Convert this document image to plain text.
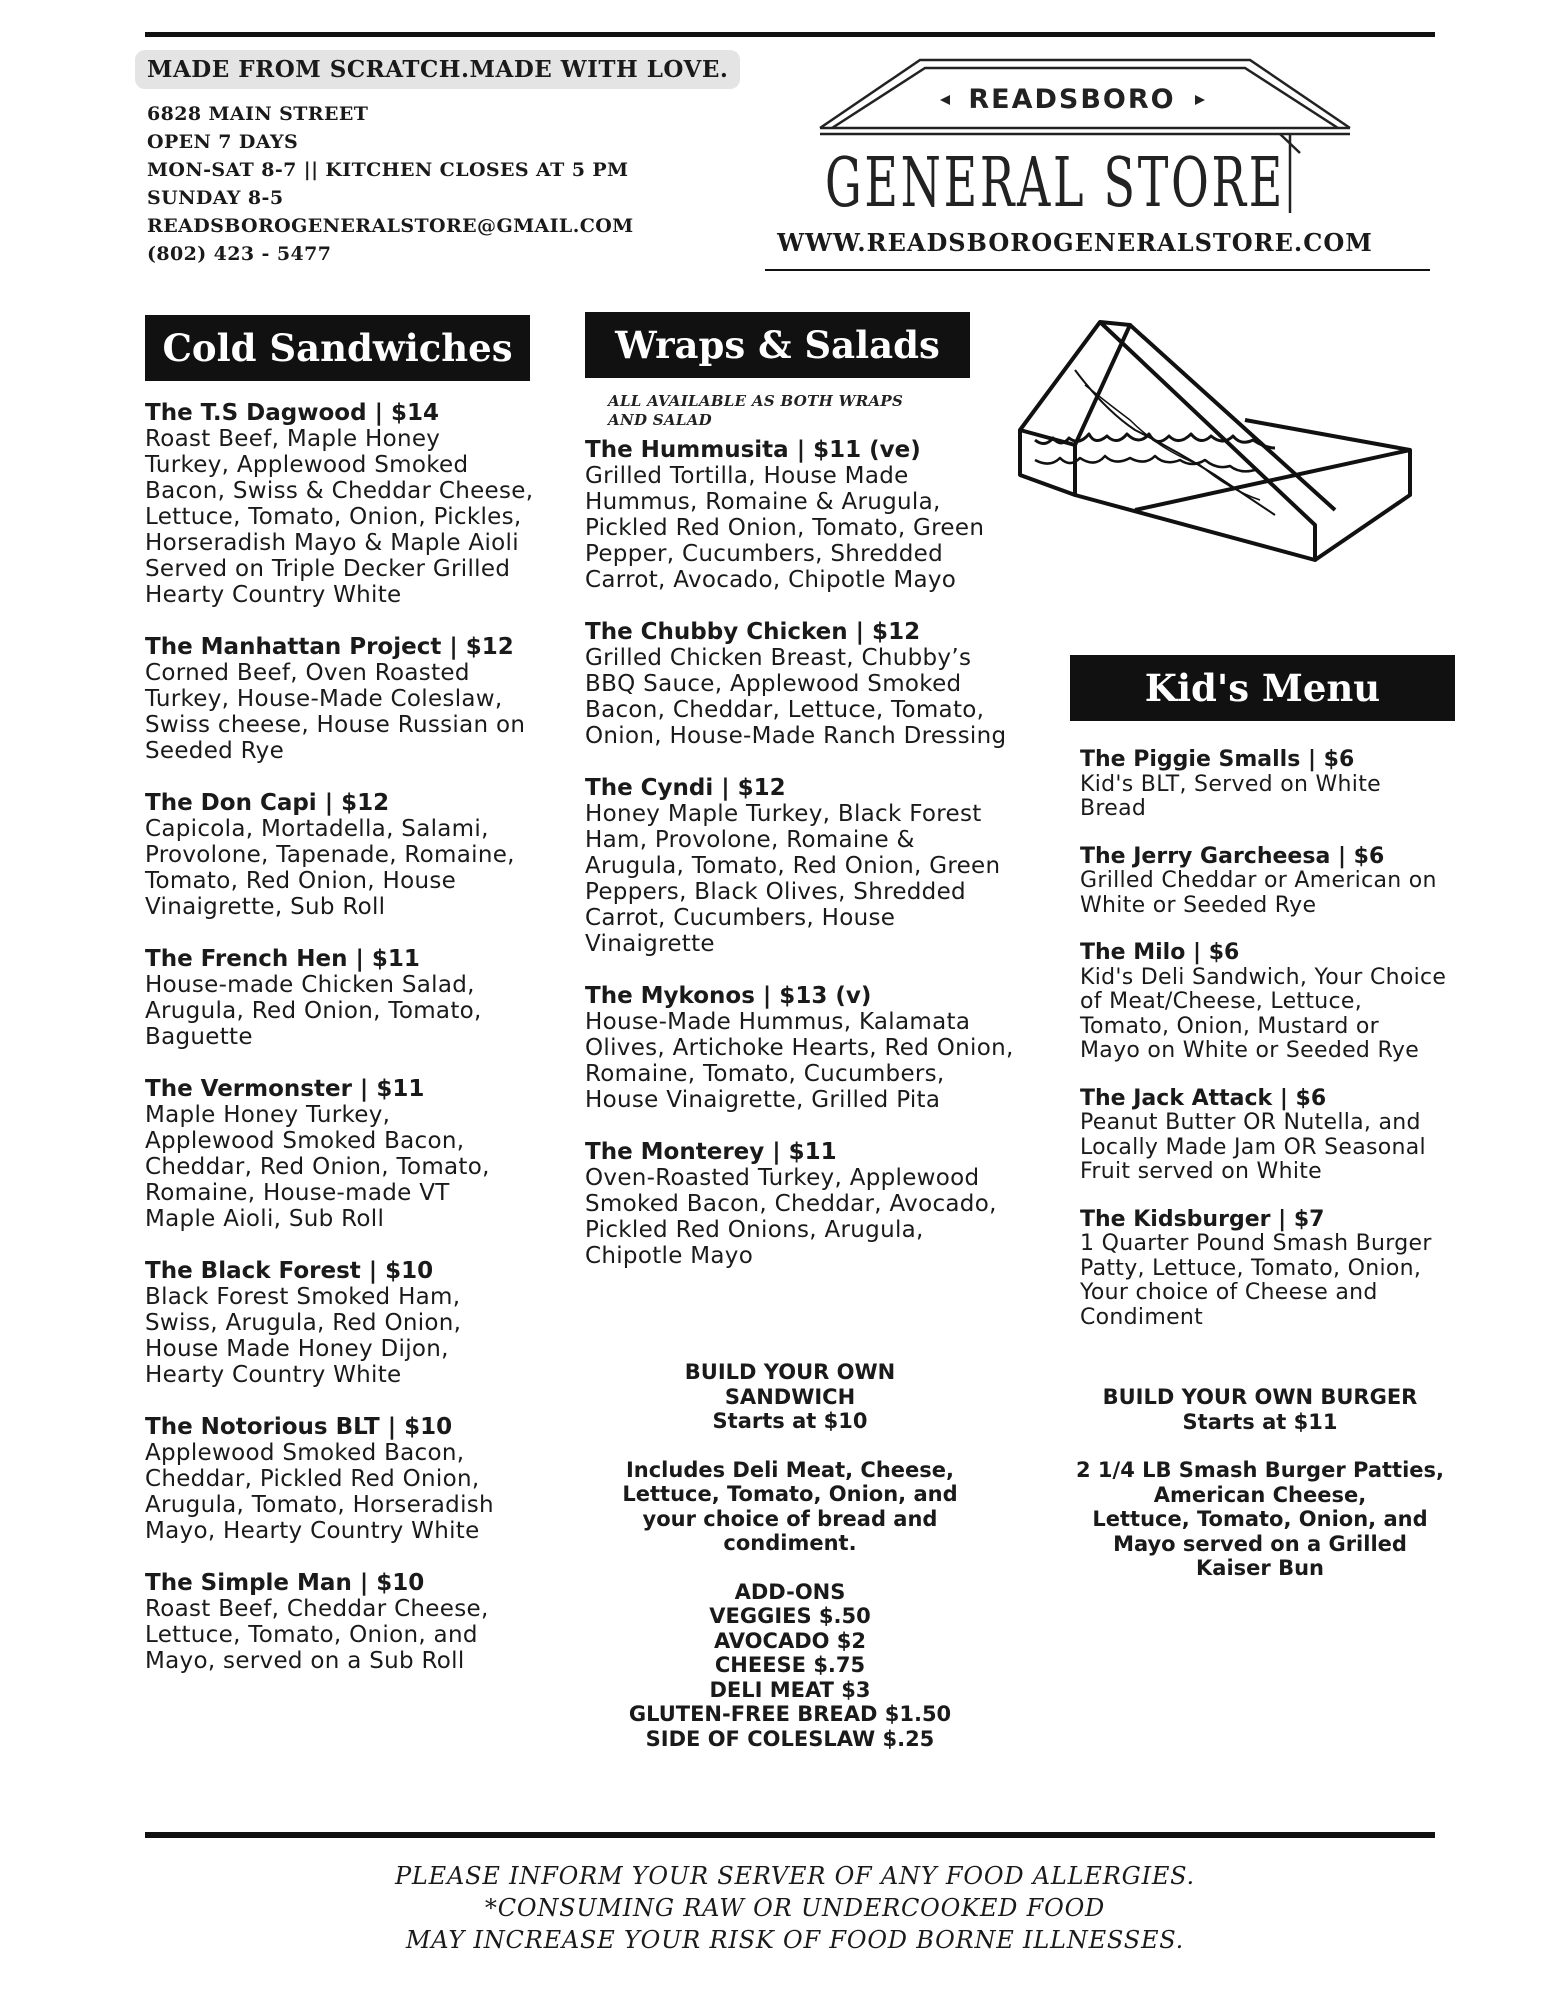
MADE FROM SCRATCH.MADE WITH LOVE.
6828 MAIN STREET
OPEN 7 DAYS
MON-SAT 8-7 || KITCHEN CLOSES AT 5 PM
SUNDAY 8-5
READSBOROGENERALSTORE@GMAIL.COM
(802) 423 - 5477
READSBORO
GENERAL STORE
WWW.READSBOROGENERALSTORE.COM
Cold Sandwiches	Wraps & Salads
Kid's Menu
ALL AVAILABLE AS BOTH WRAPS
AND SALAD
The T.S Dagwood | $14
Roast Beef, Maple Honey
Turkey, Applewood Smoked
Bacon, Swiss & Cheddar Cheese,
Lettuce, Tomato, Onion, Pickles,
Horseradish Mayo & Maple Aioli
Served on Triple Decker Grilled
Hearty Country White
The Manhattan Project | $12
Corned Beef, Oven Roasted
Turkey, House-Made Coleslaw,
Swiss cheese, House Russian on
Seeded Rye
The Don Capi | $12
Capicola, Mortadella, Salami,
Provolone, Tapenade, Romaine,
Tomato, Red Onion, House
Vinaigrette, Sub Roll
The French Hen | $11
House-made Chicken Salad,
Arugula, Red Onion, Tomato,
Baguette
The Vermonster | $11
Maple Honey Turkey,
Applewood Smoked Bacon,
Cheddar, Red Onion, Tomato,
Romaine, House-made VT
Maple Aioli, Sub Roll
The Black Forest | $10
Black Forest Smoked Ham,
Swiss, Arugula, Red Onion,
House Made Honey Dijon,
Hearty Country White
The Notorious BLT | $10
Applewood Smoked Bacon,
Cheddar, Pickled Red Onion,
Arugula, Tomato, Horseradish
Mayo, Hearty Country White
The Simple Man | $10
Roast Beef, Cheddar Cheese,
Lettuce, Tomato, Onion, and
Mayo, served on a Sub Roll
The Hummusita | $11 (ve)
Grilled Tortilla, House Made
Hummus, Romaine & Arugula,
Pickled Red Onion, Tomato, Green
Pepper, Cucumbers, Shredded
Carrot, Avocado, Chipotle Mayo
The Chubby Chicken | $12
Grilled Chicken Breast, Chubby’s
BBQ Sauce, Applewood Smoked
Bacon, Cheddar, Lettuce, Tomato,
Onion, House-Made Ranch Dressing
The Cyndi | $12
Honey Maple Turkey, Black Forest
Ham, Provolone, Romaine &
Arugula, Tomato, Red Onion, Green
Peppers, Black Olives, Shredded
Carrot, Cucumbers, House
Vinaigrette
The Mykonos | $13 (v)
House-Made Hummus, Kalamata
Olives, Artichoke Hearts, Red Onion,
Romaine, Tomato, Cucumbers,
House Vinaigrette, Grilled Pita
The Monterey | $11
Oven-Roasted Turkey, Applewood
Smoked Bacon, Cheddar, Avocado,
Pickled Red Onions, Arugula,
Chipotle Mayo
BUILD YOUR OWN
SANDWICH
Starts at $10
Includes Deli Meat, Cheese,
Lettuce, Tomato, Onion, and
your choice of bread and
condiment.
ADD-ONS
VEGGIES $.50
AVOCADO $2
CHEESE $.75
DELI MEAT $3
GLUTEN-FREE BREAD $1.50
SIDE OF COLESLAW $.25
The Piggie Smalls | $6
Kid's BLT, Served on White
Bread
The Jerry Garcheesa | $6
Grilled Cheddar or American on
White or Seeded Rye
The Milo | $6
Kid's Deli Sandwich, Your Choice
of Meat/Cheese, Lettuce,
Tomato, Onion, Mustard or
Mayo on White or Seeded Rye
The Jack Attack | $6
Peanut Butter OR Nutella, and
Locally Made Jam OR Seasonal
Fruit served on White
The Kidsburger | $7
1 Quarter Pound Smash Burger
Patty, Lettuce, Tomato, Onion,
Your choice of Cheese and
Condiment
BUILD YOUR OWN BURGER
Starts at $11
2 1/4 LB Smash Burger Patties,
American Cheese,
Lettuce, Tomato, Onion, and
Mayo served on a Grilled
Kaiser Bun
PLEASE INFORM YOUR SERVER OF ANY FOOD ALLERGIES.
*CONSUMING RAW OR UNDERCOOKED FOOD
MAY INCREASE YOUR RISK OF FOOD BORNE ILLNESSES.
